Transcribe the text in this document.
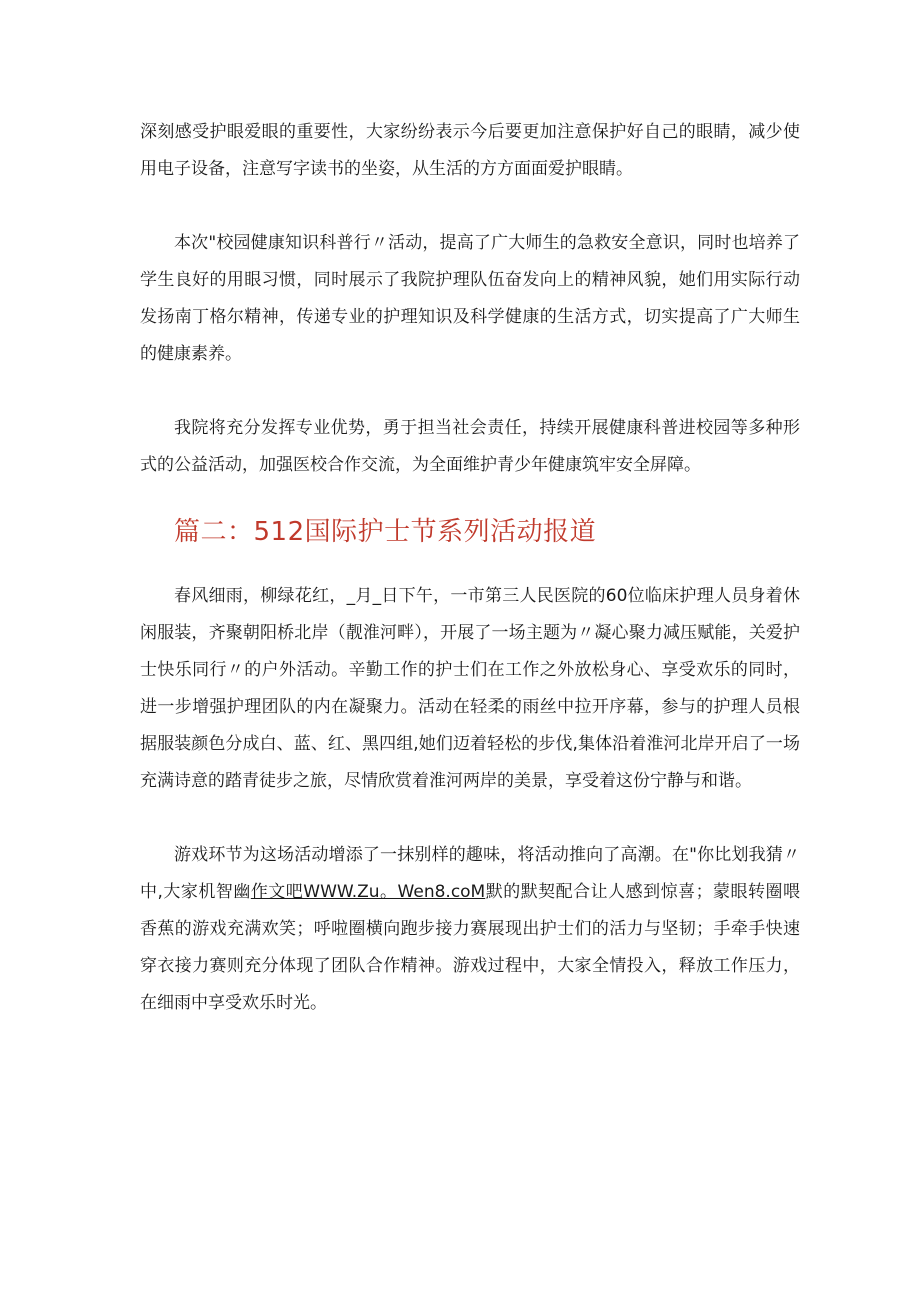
深刻感受护眼爱眼的重要性，大家纷纷表示今后要更加注意保护好自己的眼睛，减少使用电子设备，注意写字读书的坐姿，从生活的方方面面爱护眼睛。

本次"校园健康知识科普行〃活动，提高了广大师生的急救安全意识，同时也培养了学生良好的用眼习惯，同时展示了我院护理队伍奋发向上的精神风貌，她们用实际行动发扬南丁格尔精神，传递专业的护理知识及科学健康的生活方式，切实提高了广大师生的健康素养。

我院将充分发挥专业优势，勇于担当社会责任，持续开展健康科普进校园等多种形式的公益活动，加强医校合作交流，为全面维护青少年健康筑牢安全屏障。

篇二：512国际护士节系列活动报道

春风细雨，柳绿花红，_月_日下午，一市第三人民医院的60位临床护理人员身着休闲服装，齐聚朝阳桥北岸（靓淮河畔），开展了一场主题为〃凝心聚力减压赋能，关爱护士快乐同行〃的户外活动。辛勤工作的护士们在工作之外放松身心、享受欢乐的同时，进一步增强护理团队的内在凝聚力。活动在轻柔的雨丝中拉开序幕，参与的护理人员根据服装颜色分成白、蓝、红、黑四组,她们迈着轻松的步伐,集体沿着淮河北岸开启了一场充满诗意的踏青徒步之旅，尽情欣赏着淮河两岸的美景，享受着这份宁静与和谐。

游戏环节为这场活动增添了一抹别样的趣味，将活动推向了高潮。在"你比划我猜〃中,大家机智幽作文吧WWW.Zu。Wen8.coM默的默契配合让人感到惊喜；蒙眼转圈喂香蕉的游戏充满欢笑；呼啦圈横向跑步接力赛展现出护士们的活力与坚韧；手牵手快速穿衣接力赛则充分体现了团队合作精神。游戏过程中，大家全情投入，释放工作压力，在细雨中享受欢乐时光。
